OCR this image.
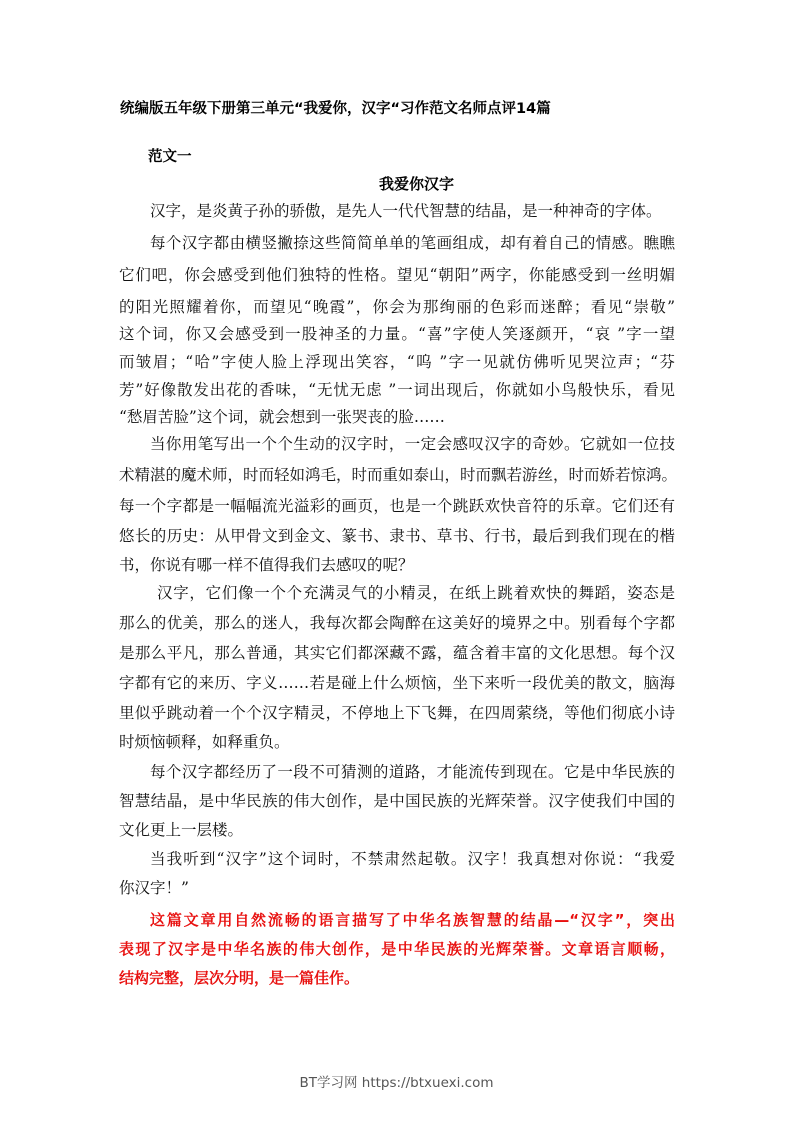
统编版五年级下册第三单元“我爱你，汉字“习作范文名师点评14篇
范文一
我爱你汉字
汉字，是炎黄子孙的骄傲，是先人一代代智慧的结晶，是一种神奇的字体。
每个汉字都由横竖撇捺这些简简单单的笔画组成，却有着自己的情感。瞧瞧
它们吧，你会感受到他们独特的性格。望见“朝阳”两字，你能感受到一丝明媚
的阳光照耀着你，而望见“晚霞”，你会为那绚丽的色彩而迷醉；看见“崇敬”
这个词，你又会感受到一股神圣的力量。“喜”字使人笑逐颜开，“哀 ”字一望
而皱眉；“哈”字使人脸上浮现出笑容，“呜 ”字一见就仿佛听见哭泣声；“芬
芳”好像散发出花的香味，“无忧无虑 ”一词出现后，你就如小鸟般快乐，看见
“愁眉苦脸”这个词，就会想到一张哭丧的脸……
当你用笔写出一个个生动的汉字时，一定会感叹汉字的奇妙。它就如一位技
术精湛的魔术师，时而轻如鸿毛，时而重如泰山，时而飘若游丝，时而娇若惊鸿。
每一个字都是一幅幅流光溢彩的画页，也是一个跳跃欢快音符的乐章。它们还有
悠长的历史：从甲骨文到金文、篆书、隶书、草书、行书，最后到我们现在的楷
书，你说有哪一样不值得我们去感叹的呢？
汉字，它们像一个个充满灵气的小精灵，在纸上跳着欢快的舞蹈，姿态是
那么的优美，那么的迷人，我每次都会陶醉在这美好的境界之中。别看每个字都
是那么平凡，那么普通，其实它们都深藏不露，蕴含着丰富的文化思想。每个汉
字都有它的来历、字义……若是碰上什么烦恼，坐下来听一段优美的散文，脑海
里似乎跳动着一个个汉字精灵，不停地上下飞舞，在四周萦绕，等他们彻底小诗
时烦恼顿释，如释重负。
每个汉字都经历了一段不可猜测的道路，才能流传到现在。它是中华民族的
智慧结晶，是中华民族的伟大创作，是中国民族的光辉荣誉。汉字使我们中国的
文化更上一层楼。
当我听到“汉字”这个词时，不禁肃然起敬。汉字！我真想对你说：“我爱
你汉字！”
这篇文章用自然流畅的语言描写了中华名族智慧的结晶—“汉字”，突出
表现了汉字是中华名族的伟大创作，是中华民族的光辉荣誉。文章语言顺畅，
结构完整，层次分明，是一篇佳作。
BT学习网 https://btxuexi.com
